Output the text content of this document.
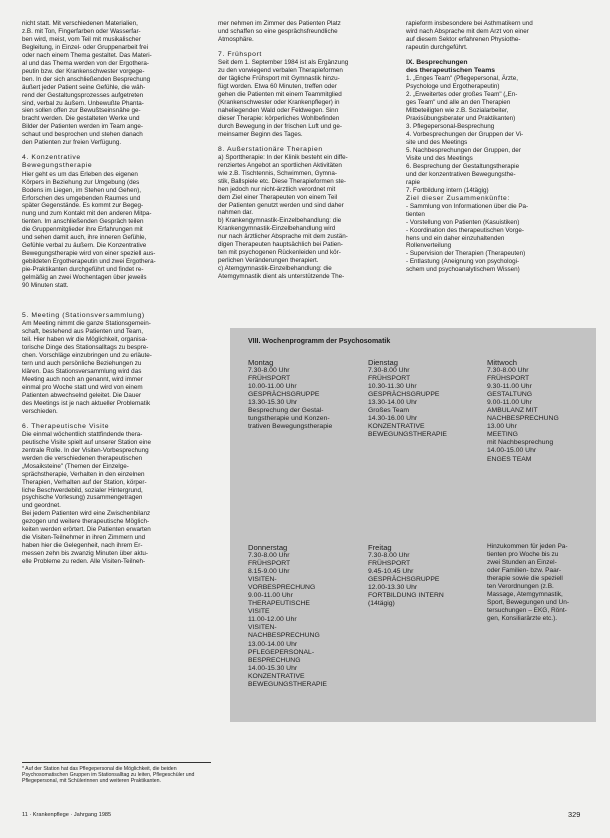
nicht statt. Mit verschiedenen Materialien,
z.B. mit Ton, Fingerfarben oder Wasserfar-
ben wird, meist, vom Teil mit musikalischer
Begleitung, in Einzel- oder Gruppenarbeit frei
oder nach einem Thema gestaltet. Das Materi-
al und das Thema werden von der Ergothera-
peutin bzw. der Krankenschwester vorgege-
ben. In der sich anschließenden Besprechung
äußert jeder Patient seine Gefühle, die wäh-
rend der Gestaltungsprozesses aufgetreten
sind, verbal zu äußern. Unbewußte Phanta-
sien sollen offen zur Bewußtseinsnähe ge-
bracht werden. Die gestalteten Werke und
Bilder der Patienten werden im Team ange-
schaut und besprochen und stehen danach
den Patienten zur freien Verfügung.

4. Konzentrative

Bewegungstherapie

Hier geht es um das Erleben des eigenen
Körpers in Beziehung zur Umgebung (des
Bodens im Liegen, im Stehen und Gehen),
Erforschen des umgebenden Raumes und
später Gegenstände. Es kommt zur Begeg-
nung und zum Kontakt mit den anderen Mitpa-
tienten. Im anschließenden Gespräch teilen
die Gruppenmitglieder ihre Erfahrungen mit
und sehen damit auch, ihre inneren Gefühle,
Gefühle verbal zu äußern. Die Konzentrative
Bewegungstherapie wird von einer speziell aus-
gebildeten Ergotherapeutin und zwei Ergothera-
pie-Praktikanten durchgeführt und findet re-
gelmäßig an zwei Wochentagen über jeweils
90 Minuten statt.

5. Meeting (Stationsversammlung)

Am Meeting nimmt die ganze Stationsgemein-
schaft, bestehend aus Patienten und Team,
teil. Hier haben wir die Möglichkeit, organisa-
torische Dinge des Stationsalltags zu bespre-
chen. Vorschläge einzubringen und zu erläute-
tern und auch persönliche Beziehungen zu
klären. Das Stationsversammlung wird das
Meeting auch noch an genannt, wird immer
einmal pro Woche statt und wird von einem
Patienten abwechselnd geleitet. Die Dauer
des Meetings ist je nach aktueller Problematik
verschieden.

6. Therapeutische Visite

Die einmal wöchentlich stattfindende thera-
peutische Visite spielt auf unserer Station eine
zentrale Rolle. In der Visiten-Vorbesprechung
werden die verschiedenen therapeutischen
„Mosaiksteine" (Themen der Einzelge-
sprächstherapie, Verhalten in den einzelnen
Therapien, Verhalten auf der Station, körper-
liche Beschwerdebild, sozialer Hintergrund,
psychische Vorlesung) zusammengetragen
und geordnet.
Bei jedem Patienten wird eine Zwischenbilanz
gezogen und weitere therapeutische Möglich-
keiten werden erörtert. Die Patienten erwarten
die Visiten-Teilnehmer in ihren Zimmern und
haben hier die Gelegenheit, nach ihrem Er-
messen zehn bis zwanzig Minuten über aktu-
elle Probleme zu reden. Alle Visiten-Teilneh-
mer nehmen im Zimmer des Patienten Platz
und schaffen so eine gesprächsfreundliche
Atmosphäre.

7. Frühsport

Seit dem 1. September 1984 ist als Ergänzung
zu den vorwiegend verbalen Therapieformen
der tägliche Frühsport mit Gymnastik hinzu-
fügt worden. Etwa 60 Minuten, treffen oder
gehen die Patienten mit einem Teammitglied
(Krankenschwester oder Krankenpfleger) in
naheliegenden Wald oder Feldwegen. Sinn
dieser Therapie: körperliches Wohlbefinden
durch Bewegung in der frischen Luft und ge-
meinsamer Beginn des Tages.

8. Außerstationäre Therapien

a) Sporttherapie: In der Klinik besteht ein diffe-
renziertes Angebot an sportlichen Aktivitäten
wie z.B. Tischtennis, Schwimmen, Gymna-
stik, Ballspiele etc. Diese Therapieformen ste-
hen jedoch nur nicht-ärztlich verordnet mit
dem Ziel einer Therapeuten von einem Teil
der Patienten genutzt werden und sind daher
nahmen dar.
b) Krankengymnastik-Einzelbehandlung: die
Krankengymnastik-Einzelbehandlung wird
nur nach ärztlicher Absprache mit dem zustän-
digen Therapeuten hauptsächlich bei Patien-
ten mit psychogenen Rückenleiden und kör-
perlichen Veränderungen therapiert.
c) Atemgymnastik-Einzelbehandlung: die
Atemgymnastik dient als unterstützende The-
rapieform insbesondere bei Asthmatikern und
wird nach Absprache mit dem Arzt von einer
auf diesem Sektor erfahrenen Physiothe-
rapeutin durchgeführt.

IX. Besprechungen

des therapeutischen Teams

1. „Enges Team" (Pflegepersonal, Ärzte,
Psychologe und Ergotherapeutin)
2. „Erweitertes oder großes Team" („En-
ges Team" und alle an den Therapien
Mitbeteiligten wie z.B. Sozialarbeiter,
Praxisübungsberater und Praktikanten)
3. Pflegepersonal-Besprechung
4. Vorbesprechungen der Gruppen der Vi-
site und des Meetings
5. Nachbesprechungen der Gruppen, der
Visite und des Meetings
6. Besprechung der Gestaltungstherapie
und der konzentrativen Bewegungsthe-
rapie
7. Fortbildung intern (14tägig)

Ziel dieser Zusammenkünfte:

- Sammlung von Informationen über die Pa-
tienten
- Vorstellung von Patienten (Kasuistiken)
- Koordination des therapeutischen Vorge-
hens und ein daher einzuhaltenden
Rollenverteilung
- Supervision der Therapien (Therapeuten)
- Entlastung (Aneignung von psychologi-
schem und psychoanalytischem Wissen)
VIII. Wochenprogramm der Psychosomatik
Montag
7.30-8.00 Uhr
FRÜHSPORT
10.00-11.00 Uhr
GESPRÄCHSGRUPPE
13.30-15.30 Uhr
Besprechung der Gestal-
tungstherapie und Konzen-
trativen Bewegungstherapie
Dienstag
7.30-8.00 Uhr
FRÜHSPORT
10.30-11.30 Uhr
GESPRÄCHSGRUPPE
13.30-14.00 Uhr
Großes Team
14.30-16.00 Uhr
KONZENTRATIVE
BEWEGUNGSTHERAPIE
Mittwoch
7.30-8.00 Uhr
FRÜHSPORT
9.30-11.00 Uhr
GESTALTUNG
9.00-11.00 Uhr
AMBULANZ MIT
NACHBESPRECHUNG
13.00 Uhr
MEETING
mit Nachbesprechung
14.00-15.00 Uhr
ENGES TEAM
Donnerstag
7.30-8.00 Uhr
FRÜHSPORT
8.15-9.00 Uhr
VISITEN-
VORBESPRECHUNG
9.00-11.00 Uhr
THERAPEUTISCHE
VISITE
11.00-12.00 Uhr
VISITEN-
NACHBESPRECHUNG
13.00-14.00 Uhr
PFLEGEPERSONAL-
BESPRECHUNG
14.00-15.30 Uhr
KONZENTRATIVE
BEWEGUNGSTHERAPIE
Freitag
7.30-8.00 Uhr
FRÜHSPORT
9.45-10.45 Uhr
GESPRÄCHSGRUPPE
12.00-13.30 Uhr
FORTBILDUNG INTERN
(14tägig)
Hinzukommen für jeden Pa-
tienten pro Woche bis zu
zwei Stunden an Einzel-
oder Familien- bzw. Paar-
therapie sowie die speziell
ten Verordnungen (z.B.
Massage, Atemgymnastik,
Sport, Bewegungen und Un-
tersuchungen – EKG, Rönt-
gen, Konsiliarärzte etc.).
* Auf der Station hat das Pflegepersonal die Möglichkeit, die beiden
Psychosomatischen Gruppen im Stationsalltag zu leiten, Pflegeschüler und
Pflegepersonal, mit Schülerinnen und weiteren Praktikanten.
11 · Krankenpflege · Jahrgang 1985	329
